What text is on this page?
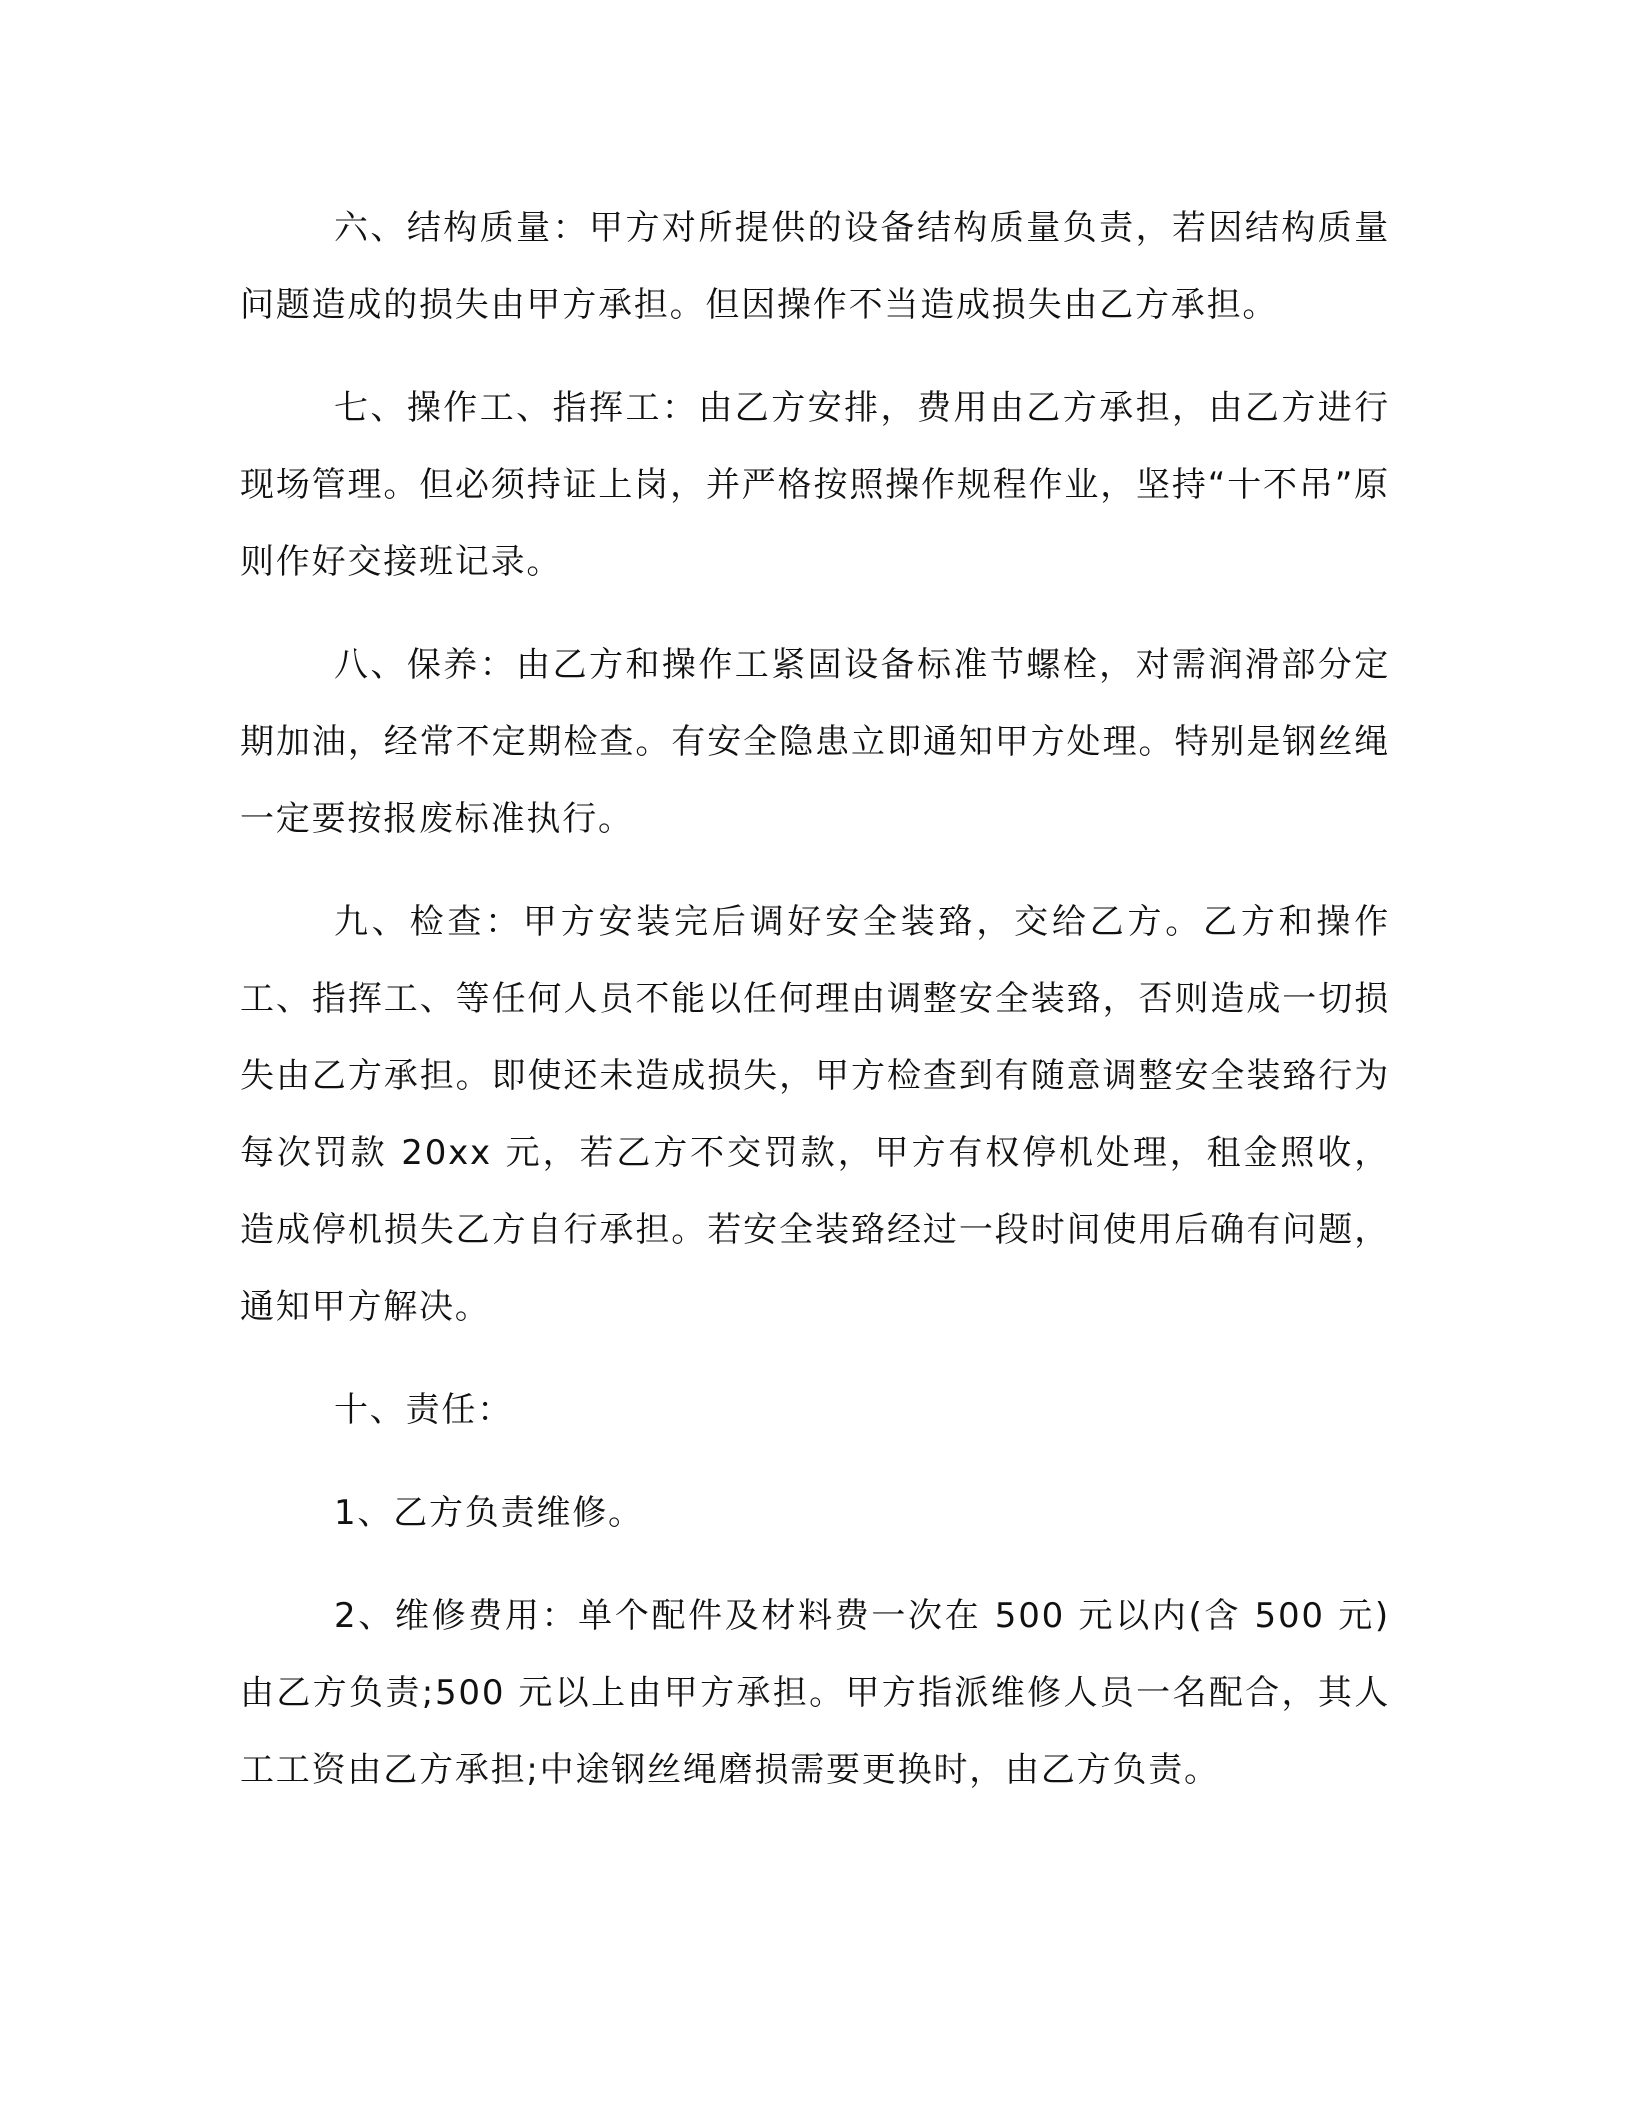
六、结构质量：甲方对所提供的设备结构质量负责，若因结构质量问题造成的损失由甲方承担。但因操作不当造成损失由乙方承担。

七、操作工、指挥工：由乙方安排，费用由乙方承担，由乙方进行现场管理。但必须持证上岗，并严格按照操作规程作业，坚持“十不吊”原则作好交接班记录。

八、保养：由乙方和操作工紧固设备标准节螺栓，对需润滑部分定期加油，经常不定期检查。有安全隐患立即通知甲方处理。特别是钢丝绳一定要按报废标准执行。

九、检查：甲方安装完后调好安全装臵，交给乙方。乙方和操作工、指挥工、等任何人员不能以任何理由调整安全装臵，否则造成一切损失由乙方承担。即使还未造成损失，甲方检查到有随意调整安全装臵行为每次罚款 20xx 元，若乙方不交罚款，甲方有权停机处理，租金照收，造成停机损失乙方自行承担。若安全装臵经过一段时间使用后确有问题，通知甲方解决。

十、责任：

1、乙方负责维修。

2、维修费用：单个配件及材料费一次在 500 元以内(含 500 元)由乙方负责;500 元以上由甲方承担。甲方指派维修人员一名配合，其人工工资由乙方承担;中途钢丝绳磨损需要更换时，由乙方负责。
